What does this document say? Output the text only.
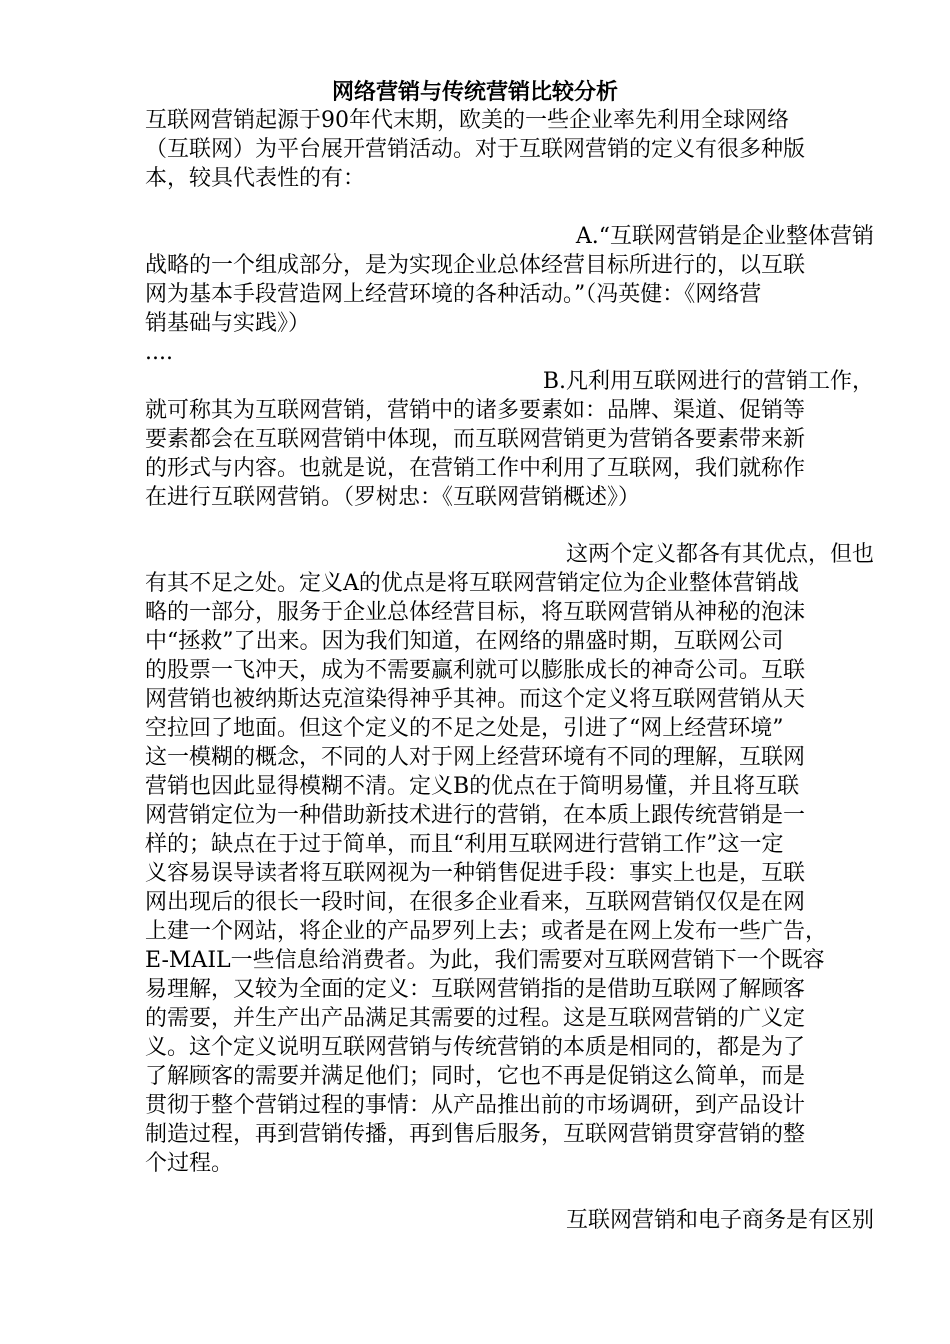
网络营销与传统营销比较分析
互联网营销起源于90年代末期，欧美的一些企业率先利用全球网络
（互联网）为平台展开营销活动。对于互联网营销的定义有很多种版
本，较具代表性的有：
A.“互联网营销是企业整体营销
战略的一个组成部分，是为实现企业总体经营目标所进行的，以互联
网为基本手段营造网上经营环境的各种活动。”（冯英健：《网络营
销基础与实践》）
....
B.凡利用互联网进行的营销工作，
就可称其为互联网营销，营销中的诸多要素如：品牌、渠道、促销等
要素都会在互联网营销中体现，而互联网营销更为营销各要素带来新
的形式与内容。也就是说，在营销工作中利用了互联网，我们就称作
在进行互联网营销。（罗树忠：《互联网营销概述》）
这两个定义都各有其优点，但也
有其不足之处。定义A的优点是将互联网营销定位为企业整体营销战
略的一部分，服务于企业总体经营目标，将互联网营销从神秘的泡沫
中“拯救”了出来。因为我们知道，在网络的鼎盛时期，互联网公司
的股票一飞冲天，成为不需要赢利就可以膨胀成长的神奇公司。互联
网营销也被纳斯达克渲染得神乎其神。而这个定义将互联网营销从天
空拉回了地面。但这个定义的不足之处是，引进了“网上经营环境”
这一模糊的概念，不同的人对于网上经营环境有不同的理解，互联网
营销也因此显得模糊不清。定义B的优点在于简明易懂，并且将互联
网营销定位为一种借助新技术进行的营销，在本质上跟传统营销是一
样的；缺点在于过于简单，而且“利用互联网进行营销工作”这一定
义容易误导读者将互联网视为一种销售促进手段：事实上也是，互联
网出现后的很长一段时间，在很多企业看来，互联网营销仅仅是在网
上建一个网站，将企业的产品罗列上去；或者是在网上发布一些广告，
E-MAIL一些信息给消费者。为此，我们需要对互联网营销下一个既容
易理解，又较为全面的定义：互联网营销指的是借助互联网了解顾客
的需要，并生产出产品满足其需要的过程。这是互联网营销的广义定
义。这个定义说明互联网营销与传统营销的本质是相同的，都是为了
了解顾客的需要并满足他们；同时，它也不再是促销这么简单，而是
贯彻于整个营销过程的事情：从产品推出前的市场调研，到产品设计
制造过程，再到营销传播，再到售后服务，互联网营销贯穿营销的整
个过程。
互联网营销和电子商务是有区别
